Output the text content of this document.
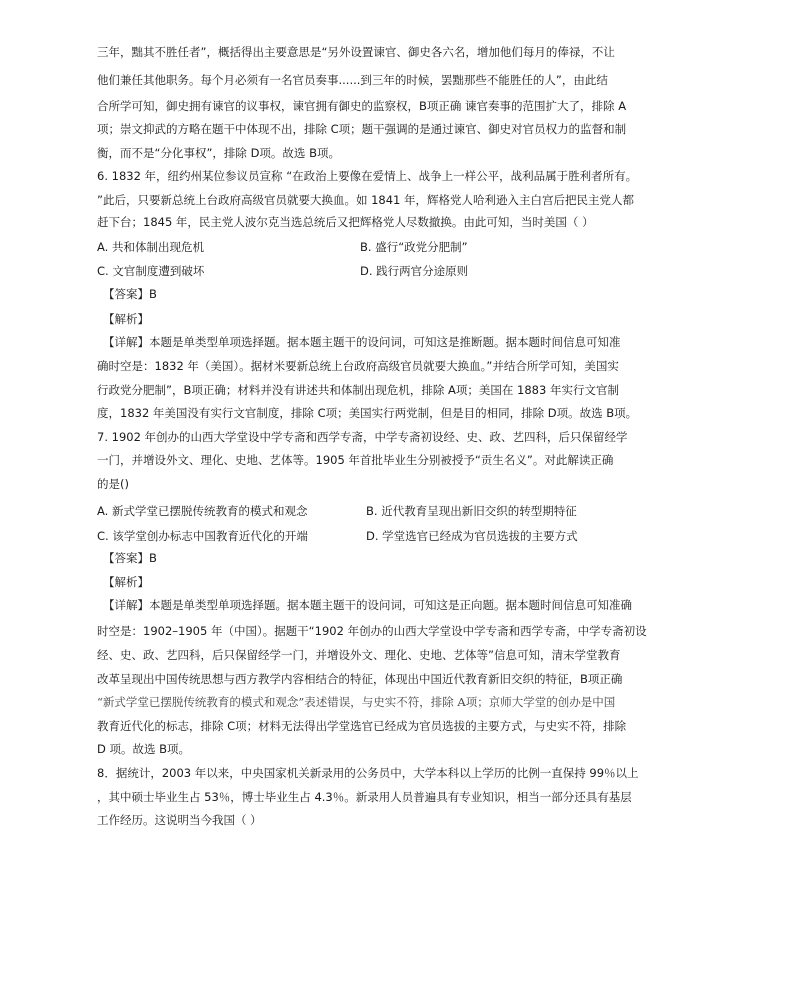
三年，黜其不胜任者”，概括得出主要意思是“另外设置谏官、御史各六名，增加他们每月的俸禄，不让
他们兼任其他职务。每个月必须有一名官员奏事......到三年的时候，罢黜那些不能胜任的人”，由此结
合所学可知，御史拥有谏官的议事权，谏官拥有御史的监察权，B项正确 谏官奏事的范围扩大了，排除 A
项；崇文抑武的方略在题干中体现不出，排除 C项；题干强调的是通过谏官、御史对官员权力的监督和制
衡，而不是“分化事权”，排除 D项。故选 B项。
6. 1832 年，纽约州某位参议员宣称 “在政治上要像在爱情上、战争上一样公平，战利品属于胜利者所有。
”此后，只要新总统上台政府高级官员就要大换血。如 1841 年，辉格党人哈利逊入主白宫后把民主党人都
赶下台；1845 年，民主党人波尔克当选总统后又把辉格党人尽数撤换。由此可知，当时美国（ ）
A. 共和体制出现危机	B. 盛行“政党分肥制”
C. 文官制度遭到破坏	D. 践行两官分途原则
【答案】B
【解析】
【详解】本题是单类型单项选择题。据本题主题干的设问词，可知这是推断题。据本题时间信息可知准
确时空是：1832 年（美国）。据材米要新总统上台政府高级官员就要大换血。”并结合所学可知，美国实
行政党分肥制”，B项正确；材料并没有讲述共和体制出现危机，排除 A项；美国在 1883 年实行文官制
度，1832 年美国没有实行文官制度，排除 C项；美国实行两党制，但是目的相同，排除 D项。故选 B项。
7. 1902 年创办的山西大学堂设中学专斋和西学专斋，中学专斋初设经、史、政、艺四科，后只保留经学
一门，并增设外文、理化、史地、艺体等。1905 年首批毕业生分别被授予“贡生名义”。对此解读正确
的是()
A. 新式学堂已摆脱传统教育的模式和观念	B. 近代教育呈现出新旧交织的转型期特征
C. 该学堂创办标志中国教育近代化的开端	D. 学堂选官已经成为官员选拔的主要方式
【答案】B
【解析】
【详解】本题是单类型单项选择题。据本题主题干的设问词，可知这是正向题。据本题时间信息可知准确
时空是：1902–1905 年（中国）。据题干“1902 年创办的山西大学堂设中学专斋和西学专斋，中学专斋初设
经、史、政、艺四科，后只保留经学一门，并增设外文、理化、史地、艺体等”信息可知，清末学堂教育
改革呈现出中国传统思想与西方教学内容相结合的特征，体现出中国近代教育新旧交织的特征，B项正确
“新式学堂已摆脱传统教育的模式和观念”表述错误，与史实不符，排除 A项；京师大学堂的创办是中国
教育近代化的标志，排除 C项；材料无法得出学堂选官已经成为官员选拔的主要方式，与史实不符，排除
D 项。故选 B项。
8．据统计，2003 年以来，中央国家机关新录用的公务员中，大学本科以上学历的比例一直保持 99％以上
，其中硕士毕业生占 53％，博士毕业生占 4.3％。新录用人员普遍具有专业知识，相当一部分还具有基层
工作经历。这说明当今我国（ ）
